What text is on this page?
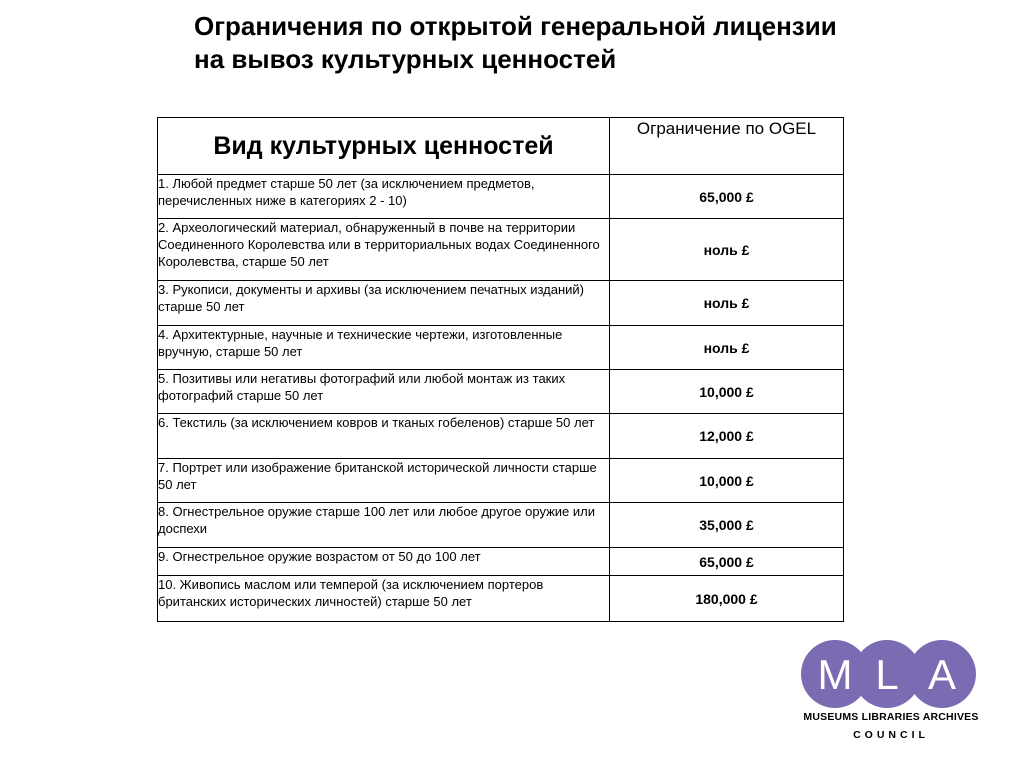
Ограничения по открытой генеральной лицензии
на вывоз культурных ценностей
Вид культурных ценностей	Ограничение по OGEL
1. Любой предмет старше 50 лет (за исключением предметов, перечисленных ниже в категориях 2 - 10)	65,000 £
2. Археологический материал, обнаруженный в почве на территории Соединенного Королевства или в территориальных водах Соединенного Королевства, старше 50 лет	ноль £
3. Рукописи, документы и архивы (за исключением печатных изданий) старше 50 лет	ноль £
4. Архитектурные, научные и технические чертежи, изготовленные вручную, старше 50 лет	ноль £
5. Позитивы или негативы фотографий или любой монтаж из таких фотографий старше 50 лет	10,000 £
6. Текстиль (за исключением ковров и тканых гобеленов) старше 50 лет	12,000 £
7. Портрет или изображение британской исторической личности старше 50 лет	10,000 £
8. Огнестрельное оружие старше 100 лет или любое другое оружие или доспехи	35,000 £
9. Огнестрельное оружие возрастом от 50 до 100 лет	65,000 £
10. Живопись маслом или темперой (за исключением портеров британских исторических личностей) старше 50 лет	180,000 £
M L A
MUSEUMS LIBRARIES ARCHIVES
COUNCIL
